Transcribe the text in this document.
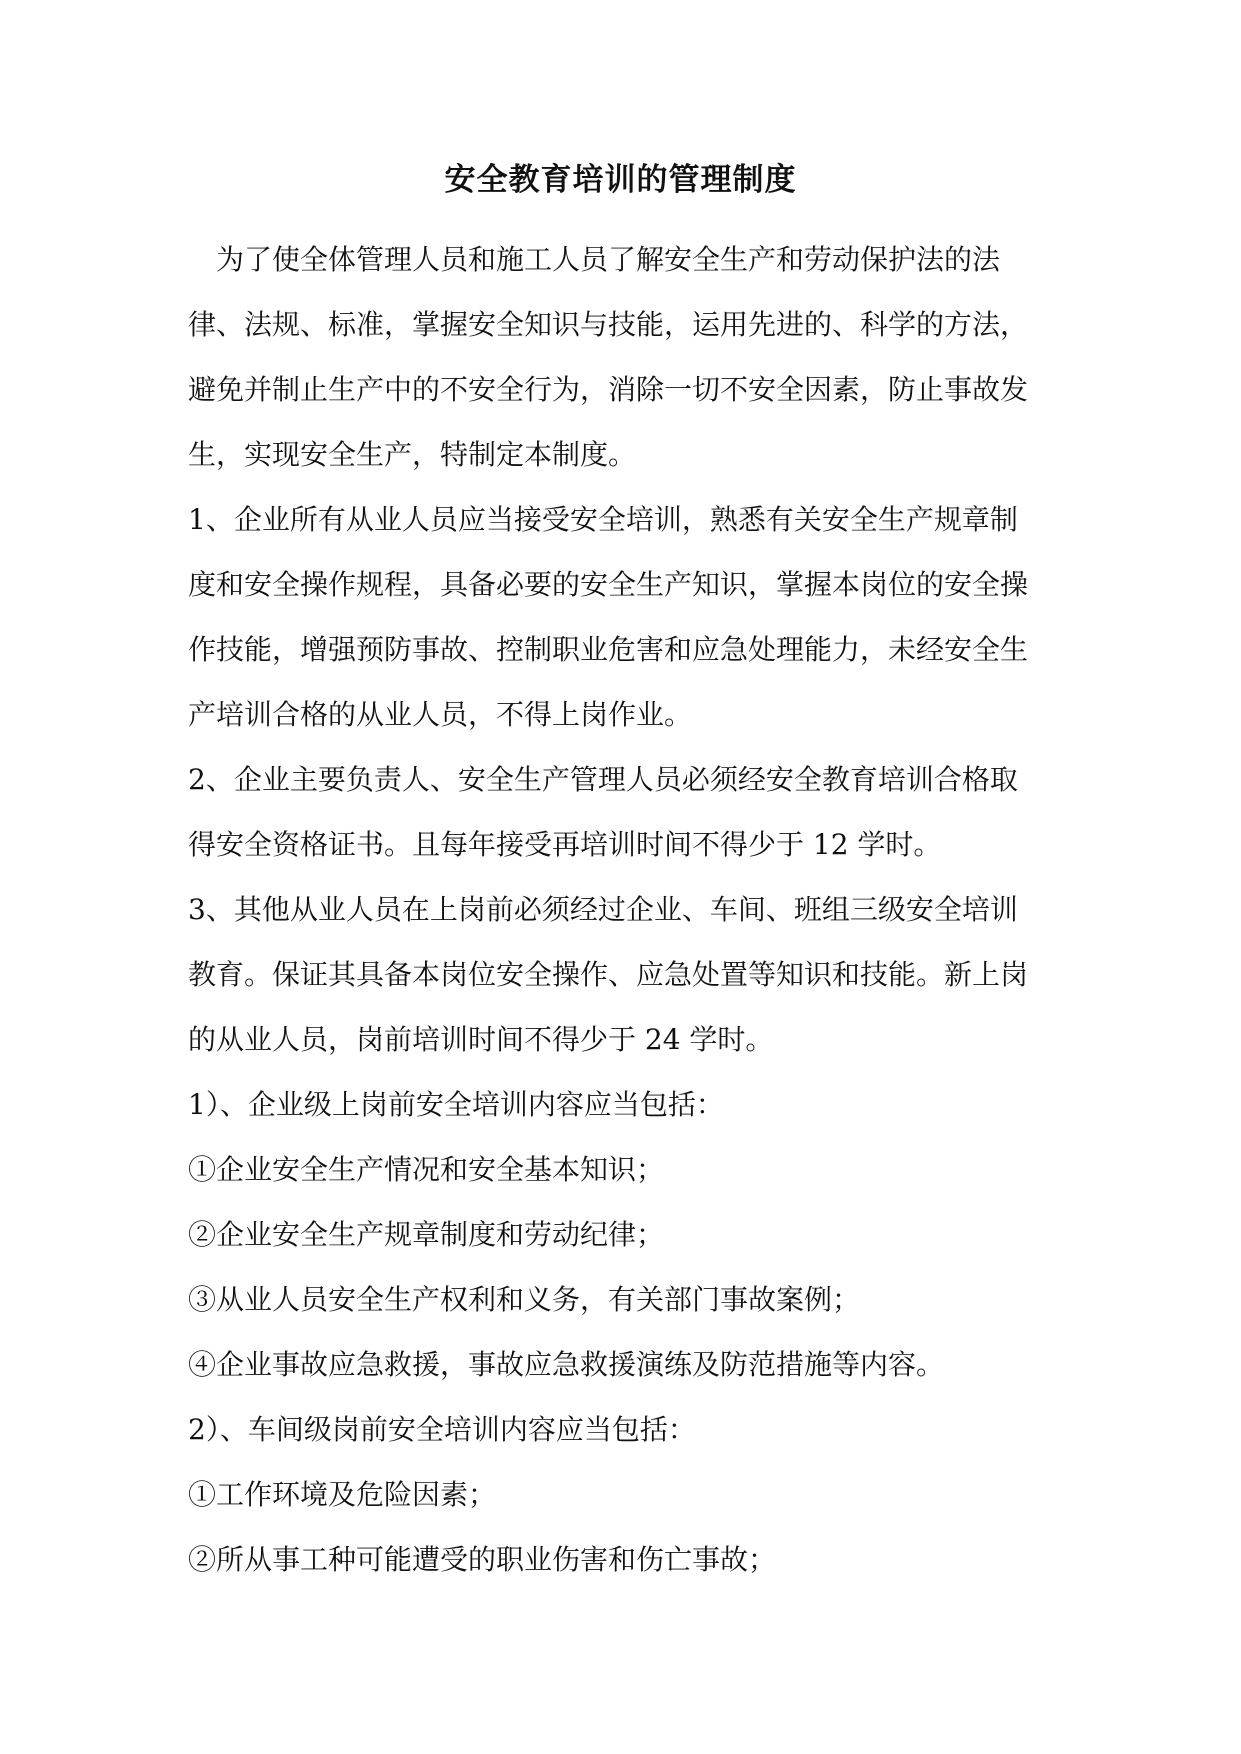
安全教育培训的管理制度
为了使全体管理人员和施工人员了解安全生产和劳动保护法的法
律、法规、标准，掌握安全知识与技能，运用先进的、科学的方法，
避免并制止生产中的不安全行为，消除一切不安全因素，防止事故发
生，实现安全生产，特制定本制度。
1、企业所有从业人员应当接受安全培训，熟悉有关安全生产规章制
度和安全操作规程，具备必要的安全生产知识，掌握本岗位的安全操
作技能，增强预防事故、控制职业危害和应急处理能力，未经安全生
产培训合格的从业人员，不得上岗作业。
2、企业主要负责人、安全生产管理人员必须经安全教育培训合格取
得安全资格证书。且每年接受再培训时间不得少于 12 学时。
3、其他从业人员在上岗前必须经过企业、车间、班组三级安全培训
教育。保证其具备本岗位安全操作、应急处置等知识和技能。新上岗
的从业人员，岗前培训时间不得少于 24 学时。
1）、企业级上岗前安全培训内容应当包括：
①企业安全生产情况和安全基本知识；
②企业安全生产规章制度和劳动纪律；
③从业人员安全生产权利和义务，有关部门事故案例；
④企业事故应急救援，事故应急救援演练及防范措施等内容。
2）、车间级岗前安全培训内容应当包括：
①工作环境及危险因素；
②所从事工种可能遭受的职业伤害和伤亡事故；
